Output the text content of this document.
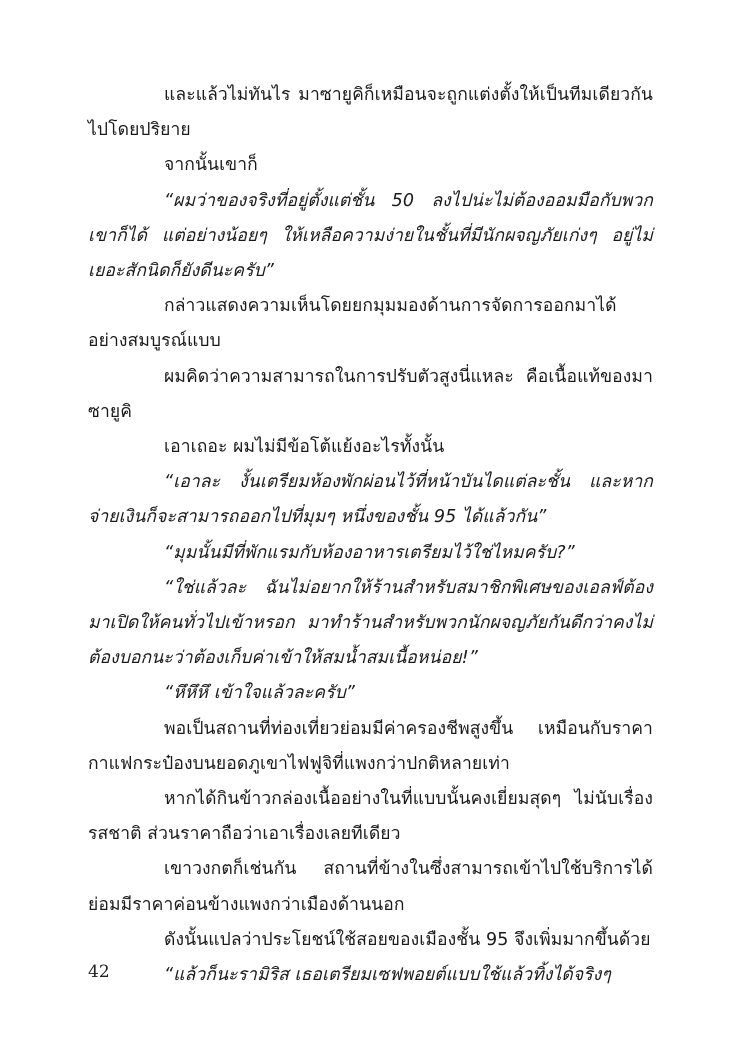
และแล้วไม่ทันไร มาซายูคิก็เหมือนจะถูกแต่งตั้งให้เป็นทีมเดียวกันไปโดยปริยาย

จากนั้นเขาก็

“ผมว่าของจริงที่อยู่ตั้งแต่ชั้น 50 ลงไปน่ะไม่ต้องออมมือกับพวกเขาก็ได้ แต่อย่างน้อยๆ ให้เหลือความง่ายในชั้นที่มีนักผจญภัยเก่งๆ อยู่ไม่เยอะสักนิดก็ยังดีนะครับ”

กล่าวแสดงความเห็นโดยยกมุมมองด้านการจัดการออกมาได้อย่างสมบูรณ์แบบ

ผมคิดว่าความสามารถในการปรับตัวสูงนี่แหละ คือเนื้อแท้ของมาซายูคิ

เอาเถอะ ผมไม่มีข้อโต้แย้งอะไรทั้งนั้น

“เอาละ งั้นเตรียมห้องพักผ่อนไว้ที่หน้าบันไดแต่ละชั้น และหากจ่ายเงินก็จะสามารถออกไปที่มุมๆ หนึ่งของชั้น 95 ได้แล้วกัน”

“มุมนั้นมีที่พักแรมกับห้องอาหารเตรียมไว้ใช่ไหมครับ?”

“ใช่แล้วละ ฉันไม่อยากให้ร้านสำหรับสมาชิกพิเศษของเอลฟ์ต้องมาเปิดให้คนทั่วไปเข้าหรอก มาทำร้านสำหรับพวกนักผจญภัยกันดีกว่าคงไม่ต้องบอกนะว่าต้องเก็บค่าเข้าให้สมน้ำสมเนื้อหน่อย!”

“หึหึหึ เข้าใจแล้วละครับ”

พอเป็นสถานที่ท่องเที่ยวย่อมมีค่าครองชีพสูงขึ้น เหมือนกับราคากาแฟกระป๋องบนยอดภูเขาไฟฟูจิที่แพงกว่าปกติหลายเท่า

หากได้กินข้าวกล่องเนื้ออย่างในที่แบบนั้นคงเยี่ยมสุดๆ ไม่นับเรื่องรสชาติ ส่วนราคาถือว่าเอาเรื่องเลยทีเดียว

เขาวงกตก็เช่นกัน สถานที่ข้างในซึ่งสามารถเข้าไปใช้บริการได้ย่อมมีราคาค่อนข้างแพงกว่าเมืองด้านนอก

ดังนั้นแปลว่าประโยชน์ใช้สอยของเมืองชั้น 95 จึงเพิ่มมากขึ้นด้วย

“แล้วก็นะรามิริส เธอเตรียมเซฟพอยต์แบบใช้แล้วทิ้งได้จริงๆ

42
